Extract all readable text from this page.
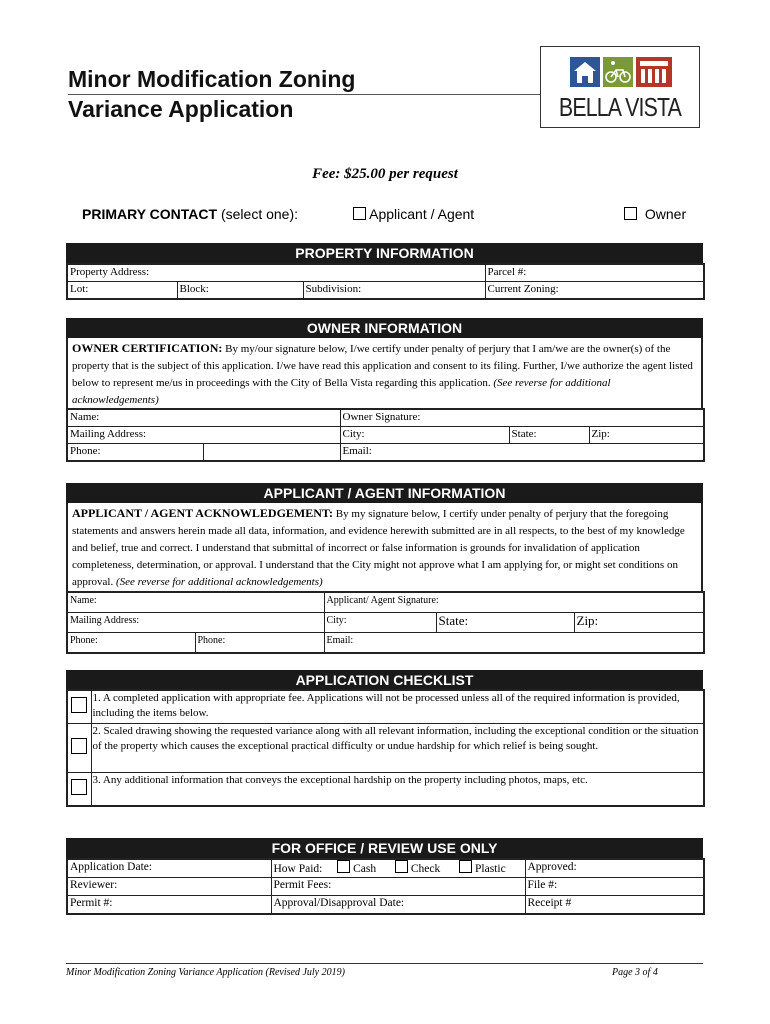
Minor Modification Zoning
Variance Application	BELLA VISTA
Fee: $25.00 per request
PRIMARY CONTACT (select one):	Applicant / Agent	Owner
PROPERTY INFORMATION
Property Address:			Parcel #:
Lot:	Block:	Subdivision:	Current Zoning:
OWNER INFORMATION
OWNER CERTIFICATION: By my/our signature below, I/we certify under penalty of perjury that I am/we are the owner(s) of the property that is the subject of this application. I/we have read this application and consent to its filing. Further, I/we authorize the agent listed below to represent me/us in proceedings with the City of Bella Vista regarding this application. (See reverse for additional acknowledgements)
Name:		Owner Signature:		
Mailing Address:		City:	State:	Zip:
Phone:		Email:		
APPLICANT / AGENT INFORMATION
APPLICANT / AGENT ACKNOWLEDGEMENT: By my signature below, I certify under penalty of perjury that the foregoing statements and answers herein made all data, information, and evidence herewith submitted are in all respects, to the best of my knowledge and belief, true and correct. I understand that submittal of incorrect or false information is grounds for invalidation of application completeness, determination, or approval. I understand that the City might not approve what I am applying for, or might set conditions on approval. (See reverse for additional acknowledgements)
Name:		Applicant/ Agent Signature:		
Mailing Address:		City:	State:	Zip:
Phone:	Phone:	Email:		
APPLICATION CHECKLIST
	1. A completed application with appropriate fee. Applications will not be processed unless all of the required information is provided, including the items below.
	2. Scaled drawing showing the requested variance along with all relevant information, including the exceptional condition or the situation of the property which causes the exceptional practical difficulty or undue hardship for which relief is being sought.
	3. Any additional information that conveys the exceptional hardship on the property including photos, maps, etc.
FOR OFFICE / REVIEW USE ONLY
Application Date:	How Paid: Cash Check Plastic	Approved:
Reviewer:	Permit Fees:	File #:
Permit #:	Approval/Disapproval Date:	Receipt #
Minor Modification Zoning Variance Application (Revised July 2019)	Page 3 of 4
